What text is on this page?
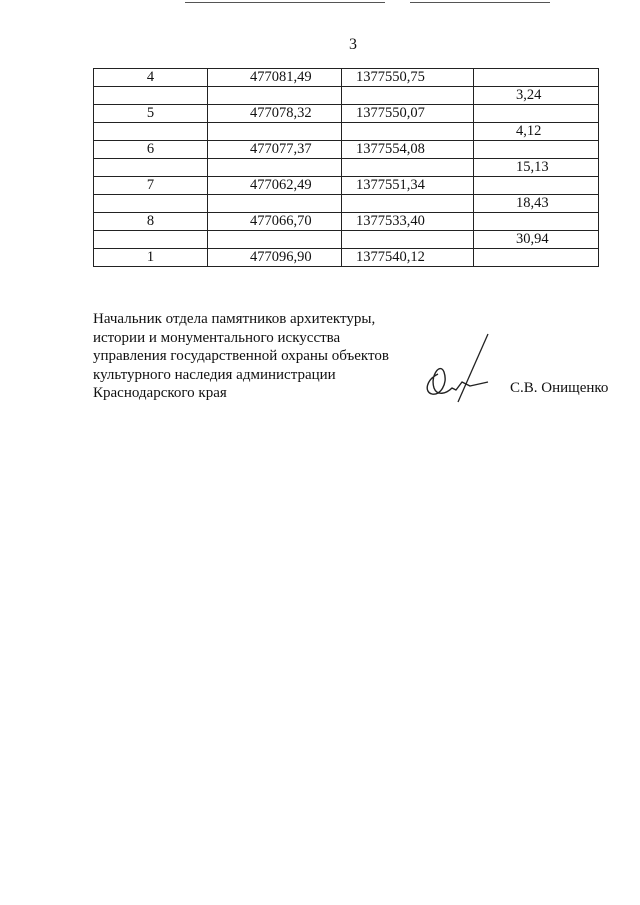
3
4	477081,49	1377550,75	
			3,24
5	477078,32	1377550,07	
			4,12
6	477077,37	1377554,08	
			15,13
7	477062,49	1377551,34	
			18,43
8	477066,70	1377533,40	
			30,94
1	477096,90	1377540,12	
Начальник отдела памятников архитектуры,
истории и монументального искусства
управления государственной охраны объектов
культурного наследия администрации
Краснодарского края	С.В. Онищенко
